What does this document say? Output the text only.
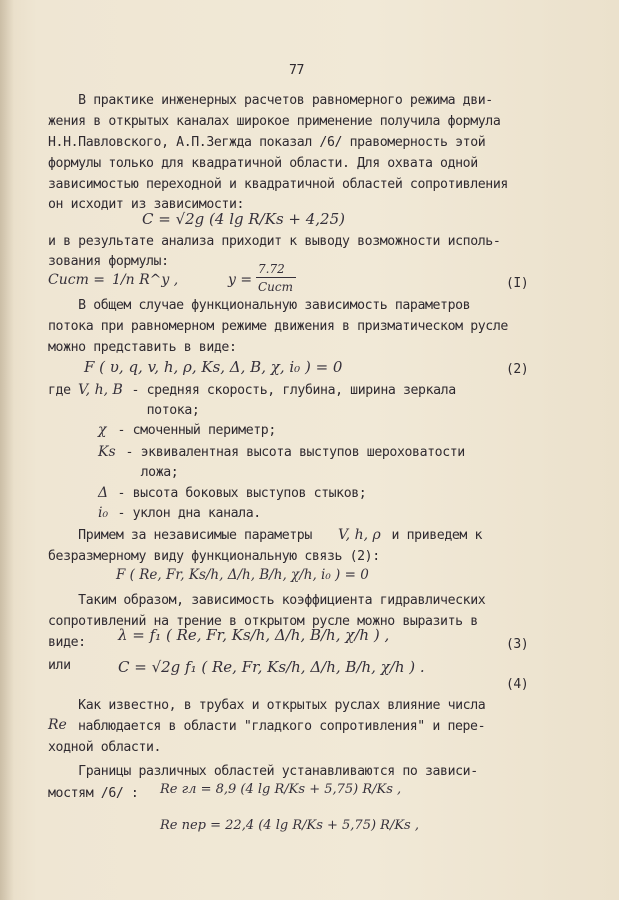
77
В практике инженерных расчетов равномерного режима дви-
жения в открытых каналах широкое применение получила формула
Н.Н.Павловского, А.П.Зегжда показал /6/ правомерность этой
формулы только для квадратичной области. Для охвата одной
зависимостью переходной и квадратичной областей сопротивления
он исходит из зависимости:
C = √2g (4 lg R/Ks + 4,25)
и в результате анализа приходит к выводу возможности исполь-
зования формулы:
Cист = 1/n R^y ,	y =
7.72
Cист	(I)
В общем случае функциональную зависимость параметров
потока при равномерном режиме движения в призматическом русле
можно представить в виде:
F ( υ, q, v, h, ρ, Ks, Δ, B, χ, i₀ ) = 0	(2)
где V, h, B - средняя скорость, глубина, ширина зеркала
потока;
χ - смоченный периметр;
Ks - эквивалентная высота выступов шероховатости
ложа;
Δ - высота боковых выступов стыков;
i₀ - уклон дна канала.
Примем за независимые параметры V, h, ρ и приведем к
безразмерному виду функциональную связь (2):
F ( Re, Fr, Ks/h, Δ/h, B/h, χ/h, i₀ ) = 0
Таким образом, зависимость коэффициента гидравлических
сопротивлений на трение в открытом русле можно выразить в
виде: λ = f₁ ( Re, Fr, Ks/h, Δ/h, B/h, χ/h ) ,
(3)
или	C = √2g f₁ ( Re, Fr, Ks/h, Δ/h, B/h, χ/h ) .
(4)
Как известно, в трубах и открытых руслах влияние числа
Re наблюдается в области "гладкого сопротивления" и пере-
ходной области.
Границы различных областей устанавливаются по зависи-
мостям /6/ : Re гл = 8,9 (4 lg R/Ks + 5,75) R/Ks ,
Re пер = 22,4 (4 lg R/Ks + 5,75) R/Ks ,
